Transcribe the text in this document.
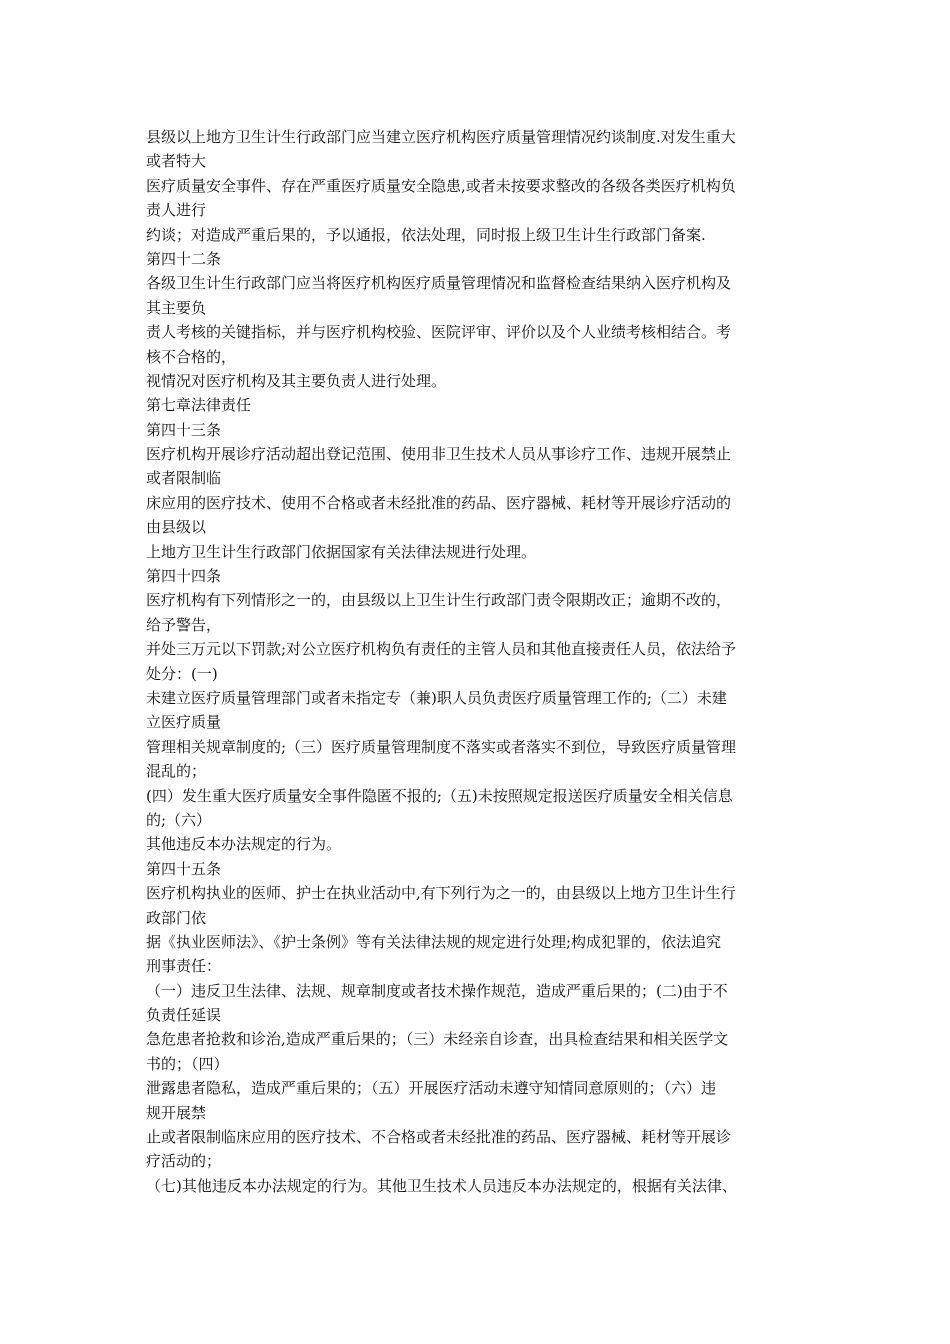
县级以上地方卫生计生行政部门应当建立医疗机构医疗质量管理情况约谈制度.对发生重大
或者特大
医疗质量安全事件、存在严重医疗质量安全隐患,或者未按要求整改的各级各类医疗机构负
责人进行
约谈；对造成严重后果的，予以通报，依法处理，同时报上级卫生计生行政部门备案.
第四十二条
各级卫生计生行政部门应当将医疗机构医疗质量管理情况和监督检查结果纳入医疗机构及
其主要负
责人考核的关键指标，并与医疗机构校验、医院评审、评价以及个人业绩考核相结合。考
核不合格的，
视情况对医疗机构及其主要负责人进行处理。
第七章法律责任
第四十三条
医疗机构开展诊疗活动超出登记范围、使用非卫生技术人员从事诊疗工作、违规开展禁止
或者限制临
床应用的医疗技术、使用不合格或者未经批准的药品、医疗器械、耗材等开展诊疗活动的
由县级以
上地方卫生计生行政部门依据国家有关法律法规进行处理。
第四十四条
医疗机构有下列情形之一的，由县级以上卫生计生行政部门责令限期改正；逾期不改的，
给予警告，
并处三万元以下罚款;对公立医疗机构负有责任的主管人员和其他直接责任人员，依法给予
处分：(一)
未建立医疗质量管理部门或者未指定专（兼)职人员负责医疗质量管理工作的;（二）未建
立医疗质量
管理相关规章制度的;（三）医疗质量管理制度不落实或者落实不到位，导致医疗质量管理
混乱的；
(四）发生重大医疗质量安全事件隐匿不报的;（五)未按照规定报送医疗质量安全相关信息
的;（六）
其他违反本办法规定的行为。
第四十五条
医疗机构执业的医师、护士在执业活动中,有下列行为之一的，由县级以上地方卫生计生行
政部门依
据《执业医师法》、《护士条例》等有关法律法规的规定进行处理;构成犯罪的，依法追究
刑事责任：
（一）违反卫生法律、法规、规章制度或者技术操作规范，造成严重后果的；(二)由于不
负责任延误
急危患者抢救和诊治,造成严重后果的；（三）未经亲自诊查，出具检查结果和相关医学文
书的；（四）
泄露患者隐私，造成严重后果的；（五）开展医疗活动未遵守知情同意原则的；（六）违
规开展禁
止或者限制临床应用的医疗技术、不合格或者未经批准的药品、医疗器械、耗材等开展诊
疗活动的；
（七)其他违反本办法规定的行为。其他卫生技术人员违反本办法规定的，根据有关法律、
